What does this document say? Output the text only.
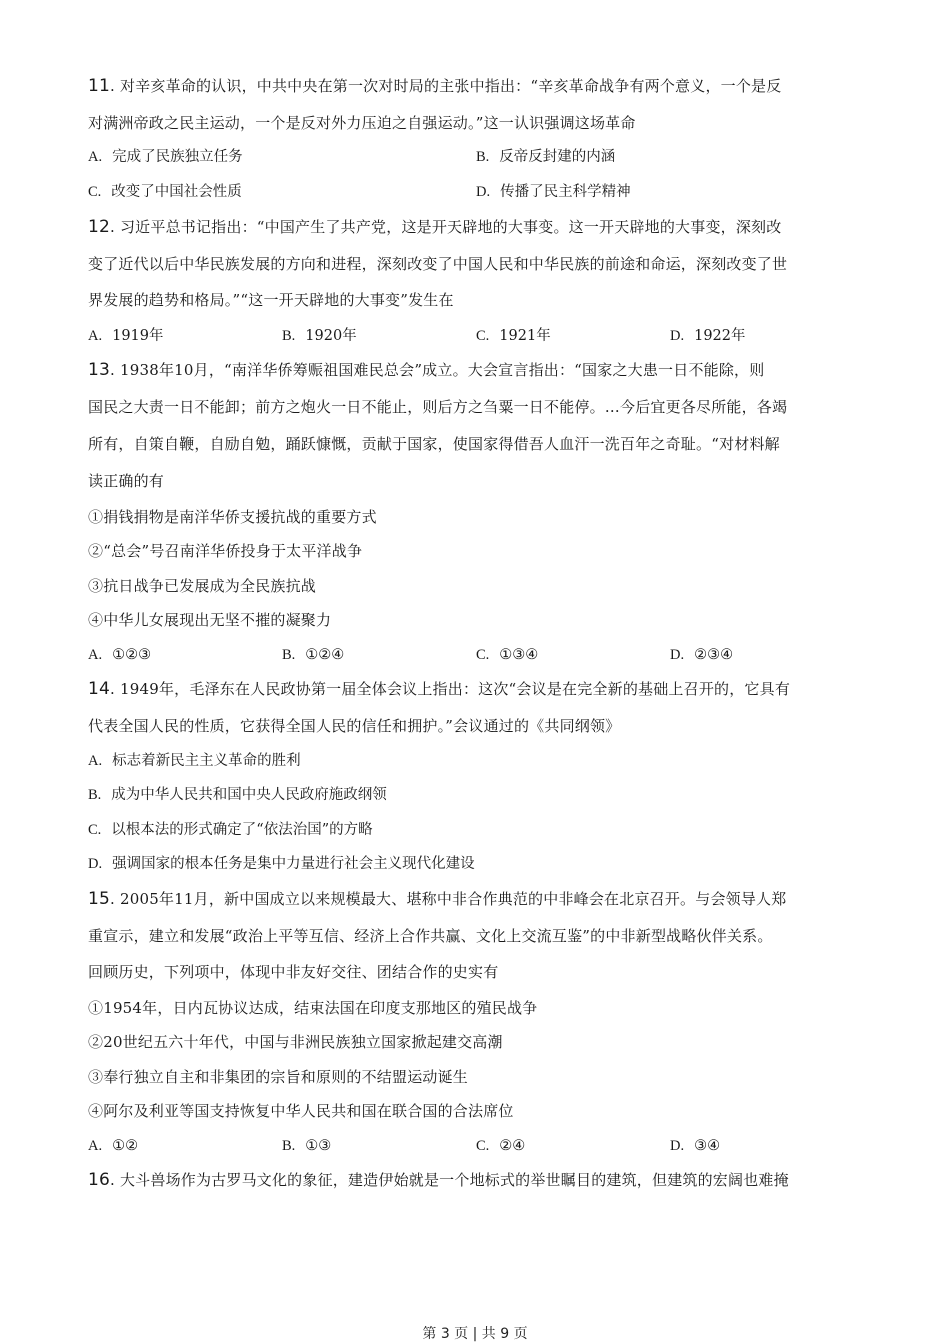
11. 对辛亥革命的认识，中共中央在第一次对时局的主张中指出：“辛亥革命战争有两个意义，一个是反
对满洲帝政之民主运动，一个是反对外力压迫之自强运动。”这一认识强调这场革命
A. 完成了民族独立任务	B. 反帝反封建的内涵
C. 改变了中国社会性质	D. 传播了民主科学精神
12. 习近平总书记指出：“中国产生了共产党，这是开天辟地的大事变。这一开天辟地的大事变，深刻改
变了近代以后中华民族发展的方向和进程，深刻改变了中国人民和中华民族的前途和命运，深刻改变了世
界发展的趋势和格局。”“这一开天辟地的大事变”发生在
A. 1919年	B. 1920年	C. 1921年	D. 1922年
13. 1938年10月，“南洋华侨筹赈祖国难民总会”成立。大会宣言指出：“国家之大患一日不能除，则
国民之大责一日不能卸；前方之炮火一日不能止，则后方之刍粟一日不能停。…今后宜更各尽所能，各竭
所有，自策自鞭，自励自勉，踊跃慷慨，贡献于国家，使国家得借吾人血汗一洗百年之奇耻。“对材料解
读正确的有
①捐钱捐物是南洋华侨支援抗战的重要方式
②“总会”号召南洋华侨投身于太平洋战争
③抗日战争已发展成为全民族抗战
④中华儿女展现出无坚不摧的凝聚力
A. ①②③	B. ①②④	C. ①③④	D. ②③④
14. 1949年，毛泽东在人民政协第一届全体会议上指出：这次“会议是在完全新的基础上召开的，它具有
代表全国人民的性质，它获得全国人民的信任和拥护。”会议通过的《共同纲领》
A. 标志着新民主主义革命的胜利
B. 成为中华人民共和国中央人民政府施政纲领
C. 以根本法的形式确定了“依法治国”的方略
D. 强调国家的根本任务是集中力量进行社会主义现代化建设
15. 2005年11月，新中国成立以来规模最大、堪称中非合作典范的中非峰会在北京召开。与会领导人郑
重宣示，建立和发展“政治上平等互信、经济上合作共赢、文化上交流互鉴”的中非新型战略伙伴关系。
回顾历史，下列项中，体现中非友好交往、团结合作的史实有
①1954年，日内瓦协议达成，结束法国在印度支那地区的殖民战争
②20世纪五六十年代，中国与非洲民族独立国家掀起建交高潮
③奉行独立自主和非集团的宗旨和原则的不结盟运动诞生
④阿尔及利亚等国支持恢复中华人民共和国在联合国的合法席位
A. ①②	B. ①③	C. ②④	D. ③④
16. 大斗兽场作为古罗马文化的象征，建造伊始就是一个地标式的举世瞩目的建筑，但建筑的宏阔也难掩
第 3 页 | 共 9 页
